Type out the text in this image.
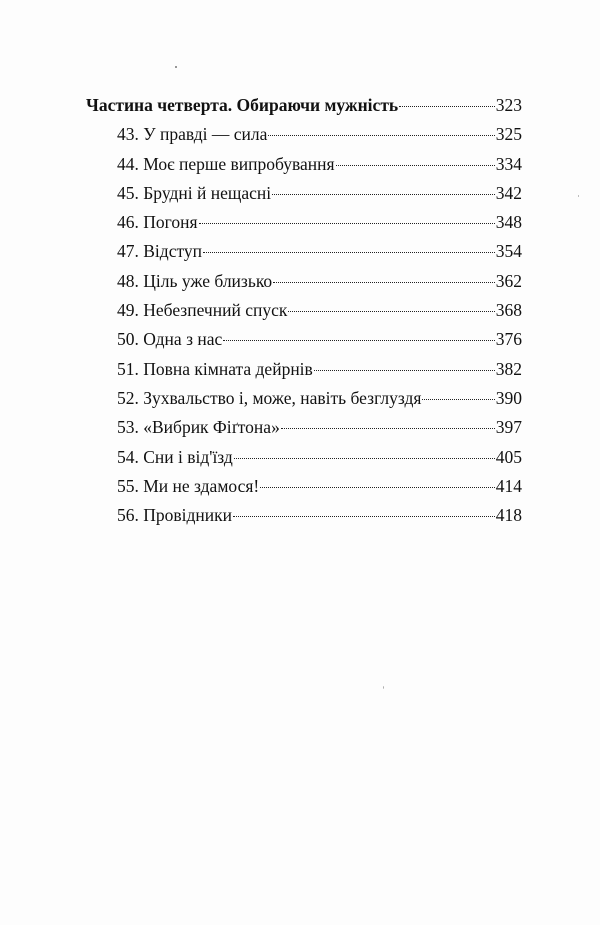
Частина четверта. Обираючи мужність	323
43. У правді — сила	325
44. Моє перше випробування	334
45. Брудні й нещасні	342
46. Погоня	348
47. Відступ	354
48. Ціль уже близько	362
49. Небезпечний спуск	368
50. Одна з нас	376
51. Повна кімната дейрнів	382
52. Зухвальство і, може, навіть безглуздя	390
53. «Вибрик Фіґтона»	397
54. Сни і від'їзд	405
55. Ми не здамося!	414
56. Провідники	418
